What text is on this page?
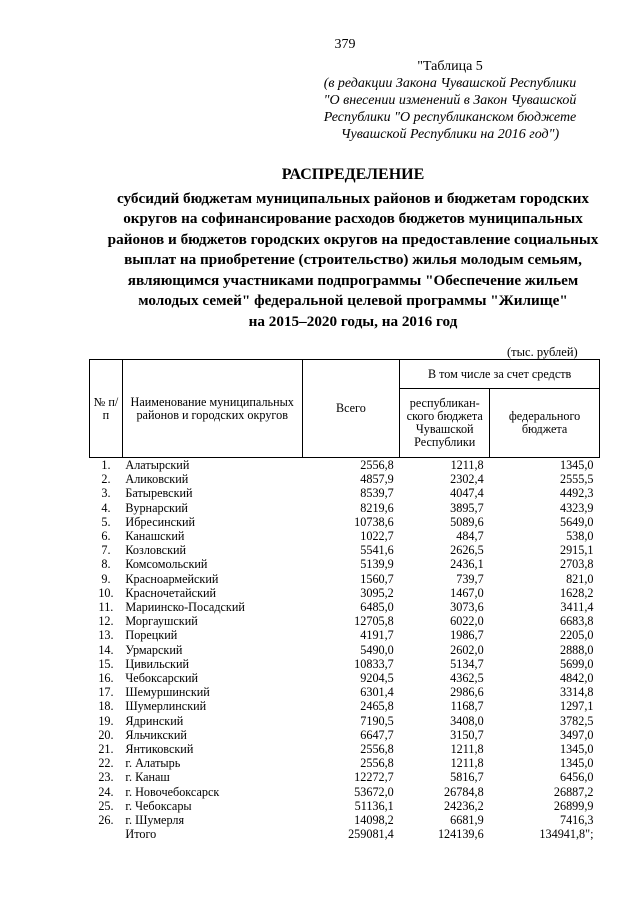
379
"Таблица 5
(в редакции Закона Чувашской Республики
"О внесении изменений в Закон Чувашской
Республики "О республиканском бюджете
Чувашской Республики на 2016 год")
РАСПРЕДЕЛЕНИЕ
субсидий бюджетам муниципальных районов и бюджетам городских
округов на софинансирование расходов бюджетов муниципальных
районов и бюджетов городских округов на предоставление социальных
выплат на приобретение (строительство) жилья молодым семьям,
являющимся участниками подпрограммы "Обеспечение жильем
молодых семей" федеральной целевой программы "Жилище"
на 2015–2020 годы, на 2016 год
(тыс. рублей)
№ п/п	Наименование муниципальных районов и городских округов	Всего	В том числе за счет средств	
			республикан-ского бюджета Чувашской Республики	федерального бюджета
1.	Алатырский	2556,8	1211,8	1345,0
2.	Аликовский	4857,9	2302,4	2555,5
3.	Батыревский	8539,7	4047,4	4492,3
4.	Вурнарский	8219,6	3895,7	4323,9
5.	Ибресинский	10738,6	5089,6	5649,0
6.	Канашский	1022,7	484,7	538,0
7.	Козловский	5541,6	2626,5	2915,1
8.	Комсомольский	5139,9	2436,1	2703,8
9.	Красноармейский	1560,7	739,7	821,0
10.	Красночетайский	3095,2	1467,0	1628,2
11.	Мариинско-Посадский	6485,0	3073,6	3411,4
12.	Моргаушский	12705,8	6022,0	6683,8
13.	Порецкий	4191,7	1986,7	2205,0
14.	Урмарский	5490,0	2602,0	2888,0
15.	Цивильский	10833,7	5134,7	5699,0
16.	Чебоксарский	9204,5	4362,5	4842,0
17.	Шемуршинский	6301,4	2986,6	3314,8
18.	Шумерлинский	2465,8	1168,7	1297,1
19.	Ядринский	7190,5	3408,0	3782,5
20.	Яльчикский	6647,7	3150,7	3497,0
21.	Янтиковский	2556,8	1211,8	1345,0
22.	г. Алатырь	2556,8	1211,8	1345,0
23.	г. Канаш	12272,7	5816,7	6456,0
24.	г. Новочебоксарск	53672,0	26784,8	26887,2
25.	г. Чебоксары	51136,1	24236,2	26899,9
26.	г. Шумерля	14098,2	6681,9	7416,3
	Итого	259081,4	124139,6	134941,8";
